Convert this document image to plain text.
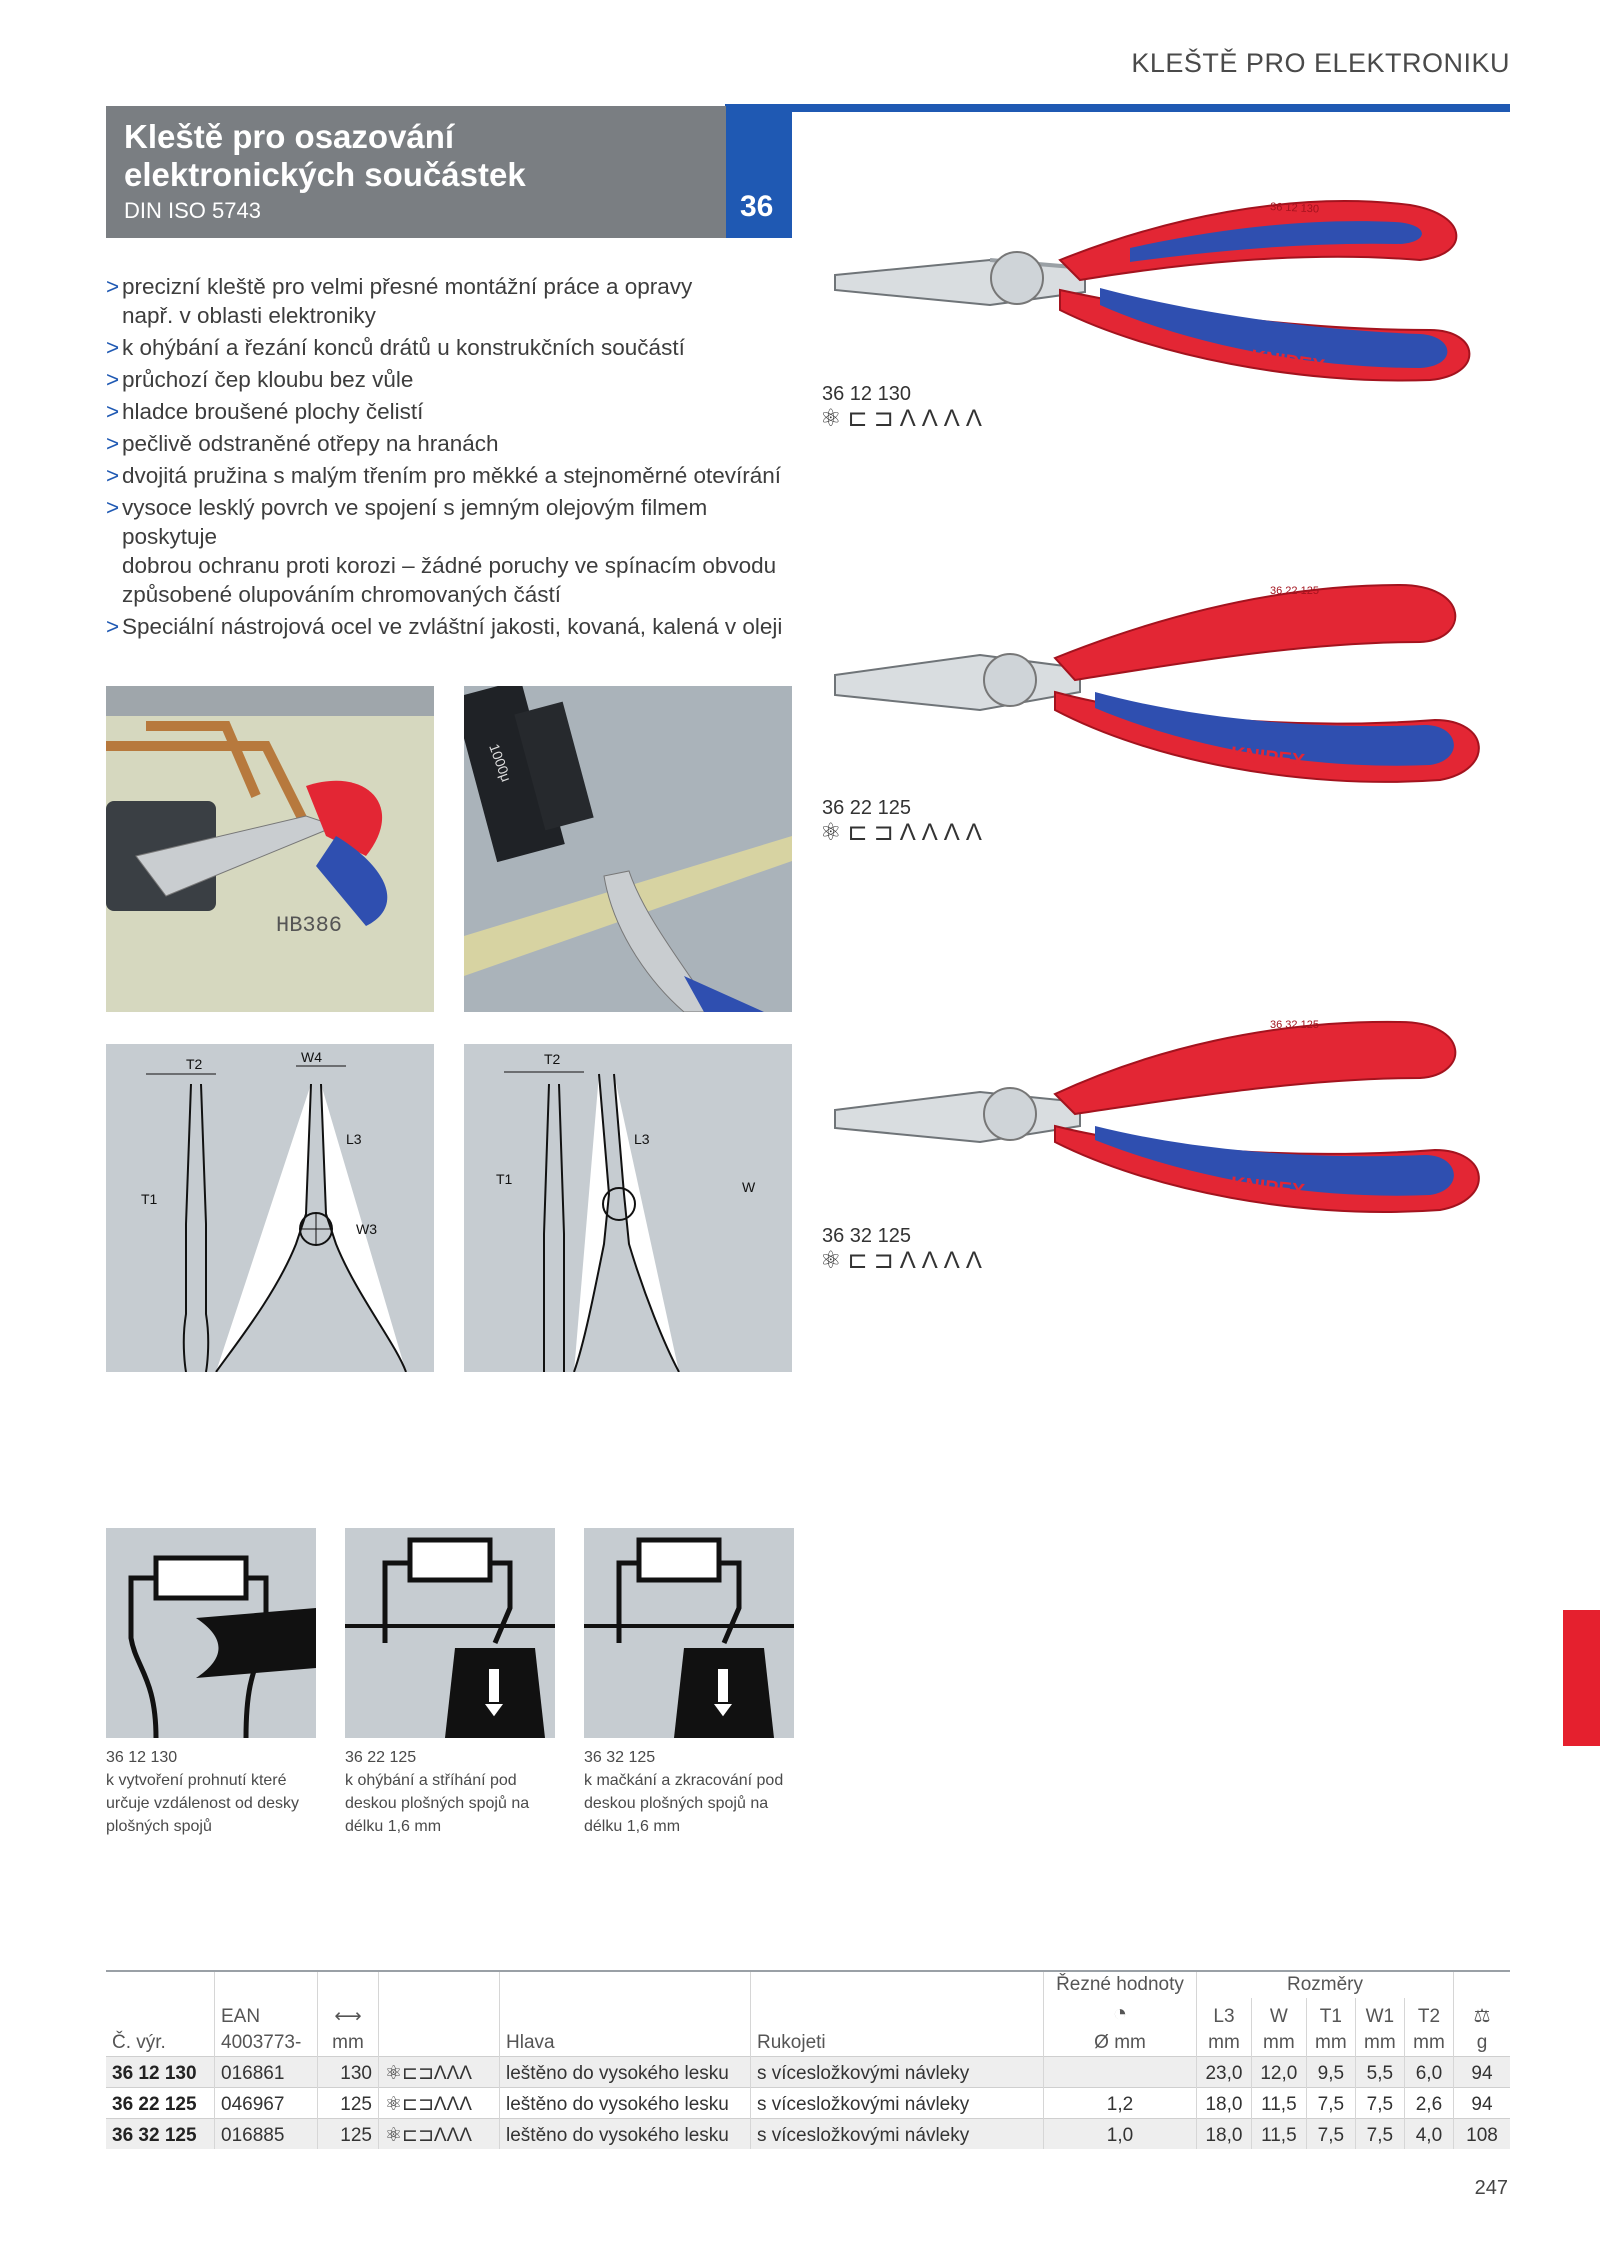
KLEŠTĚ PRO ELEKTRONIKU
Kleště pro osazování
elektronických součástek
DIN ISO 5743	36
> precizní kleště pro velmi přesné montážní práce a opravy
např. v oblasti elektroniky
> k ohýbání a řezání konců drátů u konstrukčních součástí
> průchozí čep kloubu bez vůle
> hladce broušené plochy čelistí
> pečlivě odstraněné otřepy na hranách
> dvojitá pružina s malým třením pro měkké a stejnoměrné otevírání
> vysoce lesklý povrch ve spojení s jemným olejovým filmem poskytuje
dobrou ochranu proti korozi – žádné poruchy ve spínacím obvodu
způsobené olupováním chromovaných částí
> Speciální nástrojová ocel ve zvláštní jakosti, kovaná, kalená v oleji
KNIPEX
36 12 130
36 12 130
⚛⊏⊐ΛΛΛΛ
KNIPEX
36 22 125
36 22 125
⚛⊏⊐ΛΛΛΛ
KNIPEX
36 32 125
36 32 125
⚛⊏⊐ΛΛΛΛ
HB386
1000μ
T2	W4
L3
T1
W3
T2
L3
T1	W
36 12 130
k vytvoření prohnutí které
určuje vzdálenost od desky
plošných spojů
36 22 125
k ohýbání a stříhání pod
deskou plošných spojů na
délku 1,6 mm
36 32 125
k mačkání a zkracování pod
deskou plošných spojů na
délku 1,6 mm
						Řezné hodnoty	Rozměry					
	EAN	⟷				◔	L3	W	T1	W1	T2	⚖
Č. výr.	4003773-	mm		Hlava	Rukojeti	Ø mm	mm	mm	mm	mm	mm	g
36 12 130	016861	130	⚛⊏⊐ΛΛΛ	leštěno do vysokého lesku	s vícesložkovými návleky		23,0	12,0	9,5	5,5	6,0	94
36 22 125	046967	125	⚛⊏⊐ΛΛΛ	leštěno do vysokého lesku	s vícesložkovými návleky	1,2	18,0	11,5	7,5	7,5	2,6	94
36 32 125	016885	125	⚛⊏⊐ΛΛΛ	leštěno do vysokého lesku	s vícesložkovými návleky	1,0	18,0	11,5	7,5	7,5	4,0	108
247
